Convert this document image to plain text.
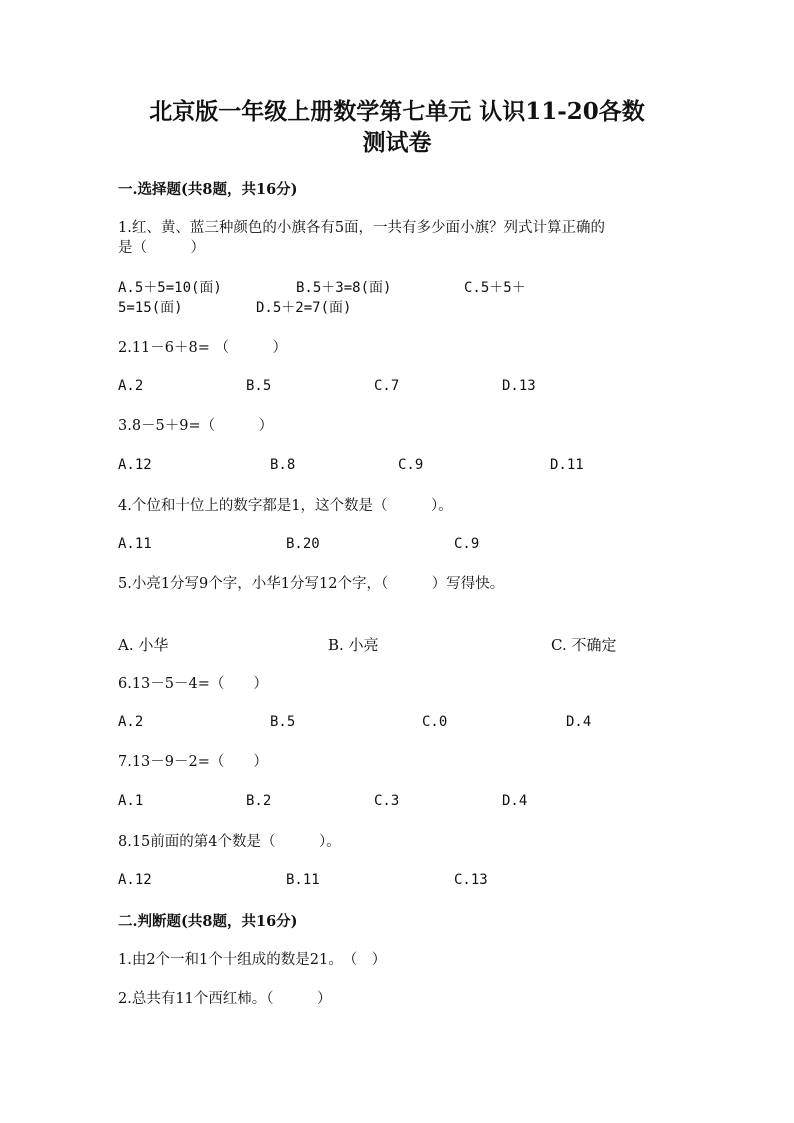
北京版一年级上册数学第七单元 认识11-20各数
测试卷
一.选择题(共8题，共16分)
1.红、黄、蓝三种颜色的小旗各有5面，一共有多少面小旗？列式计算正确的
是（　　　）
A.5＋5=10(面)	B.5＋3=8(面)	C.5＋5＋
5=15(面)	D.5＋2=7(面)
2.11－6＋8= （　　　）
A.2	B.5	C.7	D.13
3.8－5＋9=（　　　）
A.12	B.8	C.9	D.11
4.个位和十位上的数字都是1，这个数是（　　　）。
A.11	B.20	C.9
5.小亮1分写9个字，小华1分写12个字，（　　　）写得快。
A. 小华	B. 小亮	C. 不确定
6.13－5－4=（　　）
A.2	B.5	C.0	D.4
7.13－9－2=（　　）
A.1	B.2	C.3	D.4
8.15前面的第4个数是（　　　）。
A.12	B.11	C.13
二.判断题(共8题，共16分)
1.由2个一和1个十组成的数是21。　（　）
2.总共有11个西红柿。（　　　）
